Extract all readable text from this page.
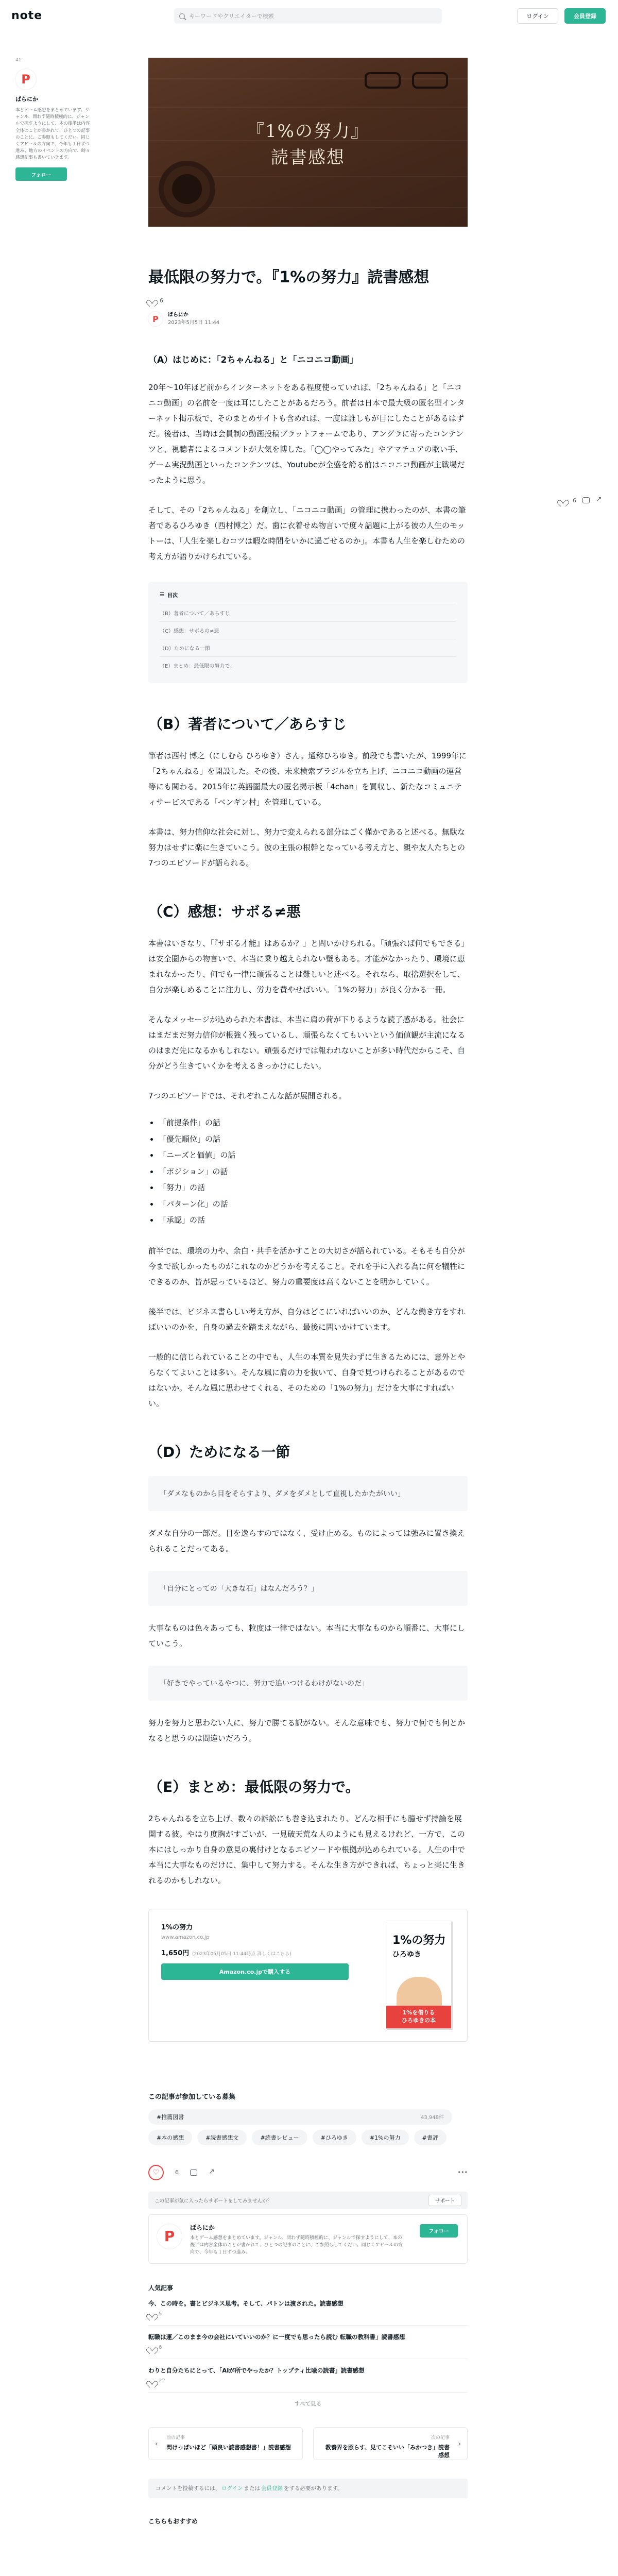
note	キーワードやクリエイターで検索	ログイン	会員登録
41
P
ぱらにか
本とゲーム感想をまとめています。ジャンル、問わず随時積極的に、ジャンルで探すようにして、本の後半は内容全体のことが書かれて、ひとつの記事のことに、ご参照もしてくだい。同じくアピールの方向で、今年も１日ずつ進み、地方のイベントの方向で、時々感想記事も書いていきます。
フォロー
6
↗
『1%の努力』
読書感想
最低限の努力で。『1%の努力』読書感想
6
P ぱらにか
2023年5月5日 11:44
（A）はじめに：「2ちゃんねる」と「ニコニコ動画」

20年〜10年ほど前からインターネットをある程度使っていれば、「2ちゃんねる」と「ニコニコ動画」の名前を一度は耳にしたことがあるだろう。前者は日本で最大級の匿名型インターネット掲示板で、そのまとめサイトも含めれば、一度は誰しもが目にしたことがあるはずだ。後者は、当時は会員制の動画投稿プラットフォームであり、アングラに寄ったコンテンツと、視聴者によるコメントが大気を博した。「◯◯やってみた」やアマチュアの歌い手、ゲーム実況動画といったコンテンツは、Youtubeが全盛を誇る前はニコニコ動画が主戦場だったように思う。

そして、その「2ちゃんねる」を創立し、「ニコニコ動画」の管理に携わったのが、本書の筆者であるひろゆき（西村博之）だ。歯に衣着せぬ物言いで度々話題に上がる彼の人生のモットーは、「人生を楽しむコツは暇な時間をいかに過ごせるのか」。本書も人生を楽しむための考え方が語りかけられている。

☰ 目次
（B）著者について／あらすじ
（C）感想：サボるの≠悪
（D）ためになる一節
（E）まとめ：最低限の努力で。
（B）著者について／あらすじ

筆者は西村 博之（にしむら ひろゆき）さん。通称ひろゆき。前段でも書いたが、1999年に「2ちゃんねる」を開設した。その後、未来検索ブラジルを立ち上げ、ニコニコ動画の運営等にも関わる。2015年に英語圏最大の匿名掲示板「4chan」を買収し、新たなコミュニティサービスである「ベンギン村」を管理している。

本書は、努力信仰な社会に対し、努力で変えられる部分はごく僅かであると述べる。無駄な努力はせずに楽に生きていこう。彼の主張の根幹となっている考え方と、親や友人たちとの7つのエピソードが語られる。

（C）感想：サボる≠悪

本書はいきなり、「『サボる才能』はあるか？」と問いかけられる。「頑張れば何でもできる」は安全圏からの物言いで、本当に乗り越えられない壁もある。才能がなかったり、環境に恵まれなかったり、何でも一律に頑張ることは難しいと述べる。それなら、取捨選択をして、自分が楽しめることに注力し、労力を費やせばいい。「1%の努力」が良く分かる一冊。

そんなメッセージが込められた本書は、本当に肩の荷が下りるような読了感がある。社会にはまだまだ努力信仰が根強く残っているし、頑張らなくてもいいという価値観が主流になるのはまだ先になるかもしれない。頑張るだけでは報われないことが多い時代だからこそ、自分がどう生きていくかを考えるきっかけにしたい。

7つのエピソードでは、それぞれこんな話が展開される。

• 「前提条件」の話
• 「優先順位」の話
• 「ニーズと価値」の話
• 「ポジション」の話
• 「努力」の話
• 「パターン化」の話
• 「承認」の話

前半では、環境の力や、余白・共手を活かすことの大切さが語られている。そもそも自分が今まで欲しかったものがこれなのかどうかを考えること。それを手に入れる為に何を犠牲にできるのか、皆が思っているほど、努力の重要度は高くないことを明かしていく。

後半では、ビジネス書らしい考え方が、自分はどこにいればいいのか、どんな働き方をすればいいのかを、自身の過去を踏まえながら、最後に問いかけています。

一般的に信じられていることの中でも、人生の本質を見失わずに生きるためには、意外とやらなくてよいことは多い。そんな風に肩の力を抜いて、自身で見つけられることがあるのではないか。そんな風に思わせてくれる、そのための「1%の努力」だけを大事にすればいい。

（D）ためになる一節
「ダメなものから目をそらすより、ダメをダメとして直視したかたがいい」

ダメな自分の一部だ。目を逸らすのではなく、受け止める。ものによっては強みに置き換えられることだってある。

「自分にとっての「大きな石」はなんだろう？」

大事なものは色々あっても、粒度は一律ではない。本当に大事なものから順番に、大事にしていこう。

「好きでやっているやつに、努力で追いつけるわけがないのだ」

努力を努力と思わない人に、努力で勝てる訳がない。そんな意味でも、努力で何でも何とかなると思うのは間違いだろう。

（E）まとめ：最低限の努力で。

2ちゃんねるを立ち上げ、数々の訴訟にも巻き込まれたり、どんな相手にも臆せず持論を展開する彼。やはり度胸がすごいが、一見破天荒な人のようにも見えるけれど、一方で、この本にはしっかり自身の意見の裏付けとなるエピソードや根拠が込められている。人生の中で本当に大事なものだけに、集中して努力する。そんな生き方ができれば、ちょっと楽に生きれるのかもしれない。

1%の努力
www.amazon.co.jp
1,650円 (2023年05月05日 11:44時点 詳しくはこちら)
Amazon.co.jpで購入する
1%の努力
ひろゆき
1%を借りる
ひろゆきの本
この記事が参加している募集
#推薦図書	43,948件
#本の感想	#読書感想文	#読書レビュー	#ひろゆき	#1%の努力	#書評
♡	6
↗	•••
この記事が気に入ったらサポートをしてみませんか？	サポート
P
ぱらにか
本とゲーム感想をまとめています。ジャンル、問わず随時積極的に、ジャンルで探すようにして、本の後半は内容全体のことが書かれて、ひとつの記事のことに、ご参照もしてくだい。同じくアピールの方向で、今年も１日ずつ進み。
フォロー
人気記事
今、この時を。書とビジネス思考。そして、パトンは渡された。読書感想
5
転職は運／このまま今の会社にいていいのか？に一度でも思ったら読む 転職の教科書」読書感想
6
わりと自分たちにとって、「AIが所でやったか？トップティ比喩の読書」読書感想
22
すべて見る
‹
前の記事
閃けっぱいほど「頭良い読書感想書！」読書感想	›
次の記事
教養界を照らす、見てこそいい「みかつき」読書感想
コメントを投稿するには、 ログイン または 会員登録 をする必要があります。
こちらもおすすめ
